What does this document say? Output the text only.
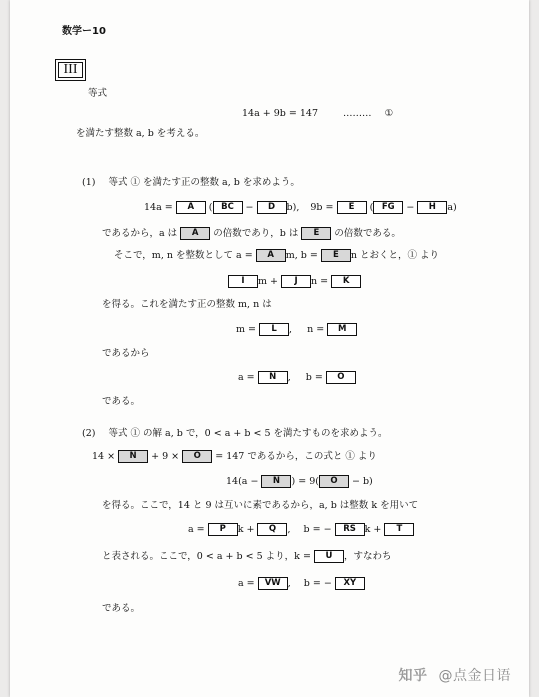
数学ー10
III
等式
14a + 9b = 147	……… ①
を満たす整数 a, b を考える。
(1) 等式 ① を満たす正の整数 a, b を求めよう。
14a = A ( BC − D b), 9b = E ( FG − H a)
であるから，a は A の倍数であり，b は E の倍数である。
そこで，m, n を整数として a = A m, b = E n とおくと，① より
I m + J n = K
を得る。これを満たす正の整数 m, n は
m = L , n = M
であるから
a = N , b = O
である。
(2) 等式 ① の解 a, b で，0 < a + b < 5 を満たすものを求めよう。
14 × N + 9 × O = 147 であるから，この式と ① より
14(a − N ) = 9( O − b)
を得る。ここで，14 と 9 は互いに素であるから，a, b は整数 k を用いて
a = P k + Q , b = − RS k + T
と表される。ここで，0 < a + b < 5 より，k = U ，すなわち
a = VW , b = − XY
である。
知乎 @点金日语
